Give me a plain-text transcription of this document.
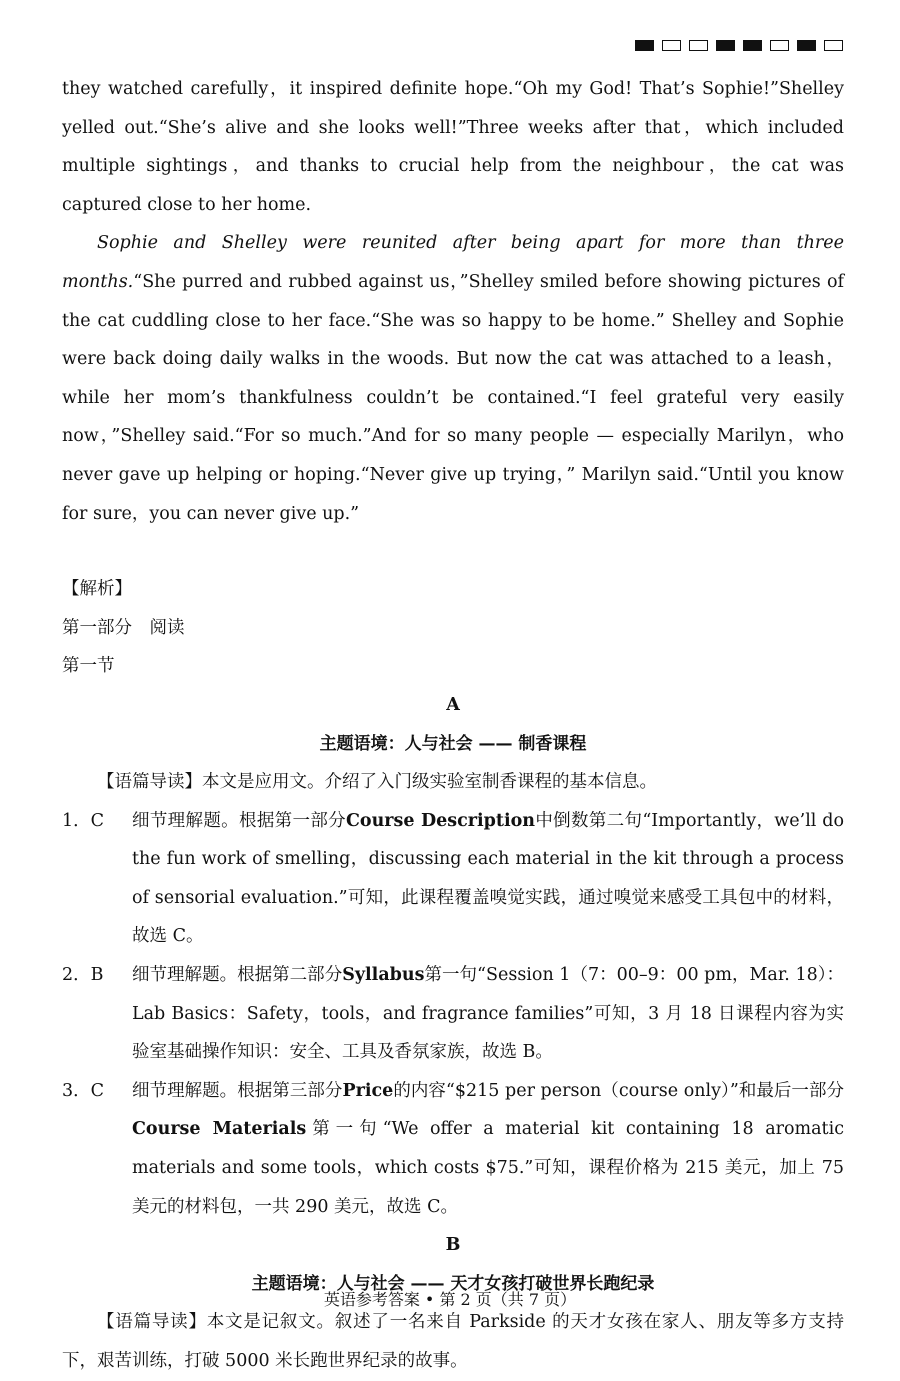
they watched carefully，it inspired definite hope.“Oh my God! That’s Sophie!”Shelley yelled out.“She’s alive and she looks well!”Three weeks after that，which included multiple sightings，and thanks to crucial help from the neighbour，the cat was captured close to her home.

Sophie and Shelley were reunited after being apart for more than three months.“She purred and rubbed against us，”Shelley smiled before showing pictures of the cat cuddling close to her face.“She was so happy to be home.” Shelley and Sophie were back doing daily walks in the woods. But now the cat was attached to a leash，while her mom’s thankfulness couldn’t be contained.“I feel grateful very easily now，”Shelley said.“For so much.”And for so many people — especially Marilyn，who never gave up helping or hoping.“Never give up trying，” Marilyn said.“Until you know for sure，you can never give up.”

【解析】

第一部分　阅读

第一节

A

主题语境：人与社会 —— 制香课程

【语篇导读】本文是应用文。介绍了入门级实验室制香课程的基本信息。

1．C 细节理解题。根据第一部分Course Description中倒数第二句“Importantly，we’ll do the fun work of smelling，discussing each material in the kit through a process of sensorial evaluation.”可知，此课程覆盖嗅觉实践，通过嗅觉来感受工具包中的材料，故选 C。

2．B 细节理解题。根据第二部分Syllabus第一句“Session 1（7：00–9：00 pm，Mar. 18）：Lab Basics：Safety，tools，and fragrance families”可知，3 月 18 日课程内容为实验室基础操作知识：安全、工具及香氛家族，故选 B。

3．C 细节理解题。根据第三部分Price的内容“$215 per person（course only）”和最后一部分Course Materials第一句“We offer a material kit containing 18 aromatic materials and some tools，which costs $75.”可知，课程价格为 215 美元，加上 75 美元的材料包，一共 290 美元，故选 C。

B

主题语境：人与社会 —— 天才女孩打破世界长跑纪录

【语篇导读】本文是记叙文。叙述了一名来自 Parkside 的天才女孩在家人、朋友等多方支持下，艰苦训练，打破 5000 米长跑世界纪录的故事。

英语参考答案 • 第 2 页（共 7 页）
